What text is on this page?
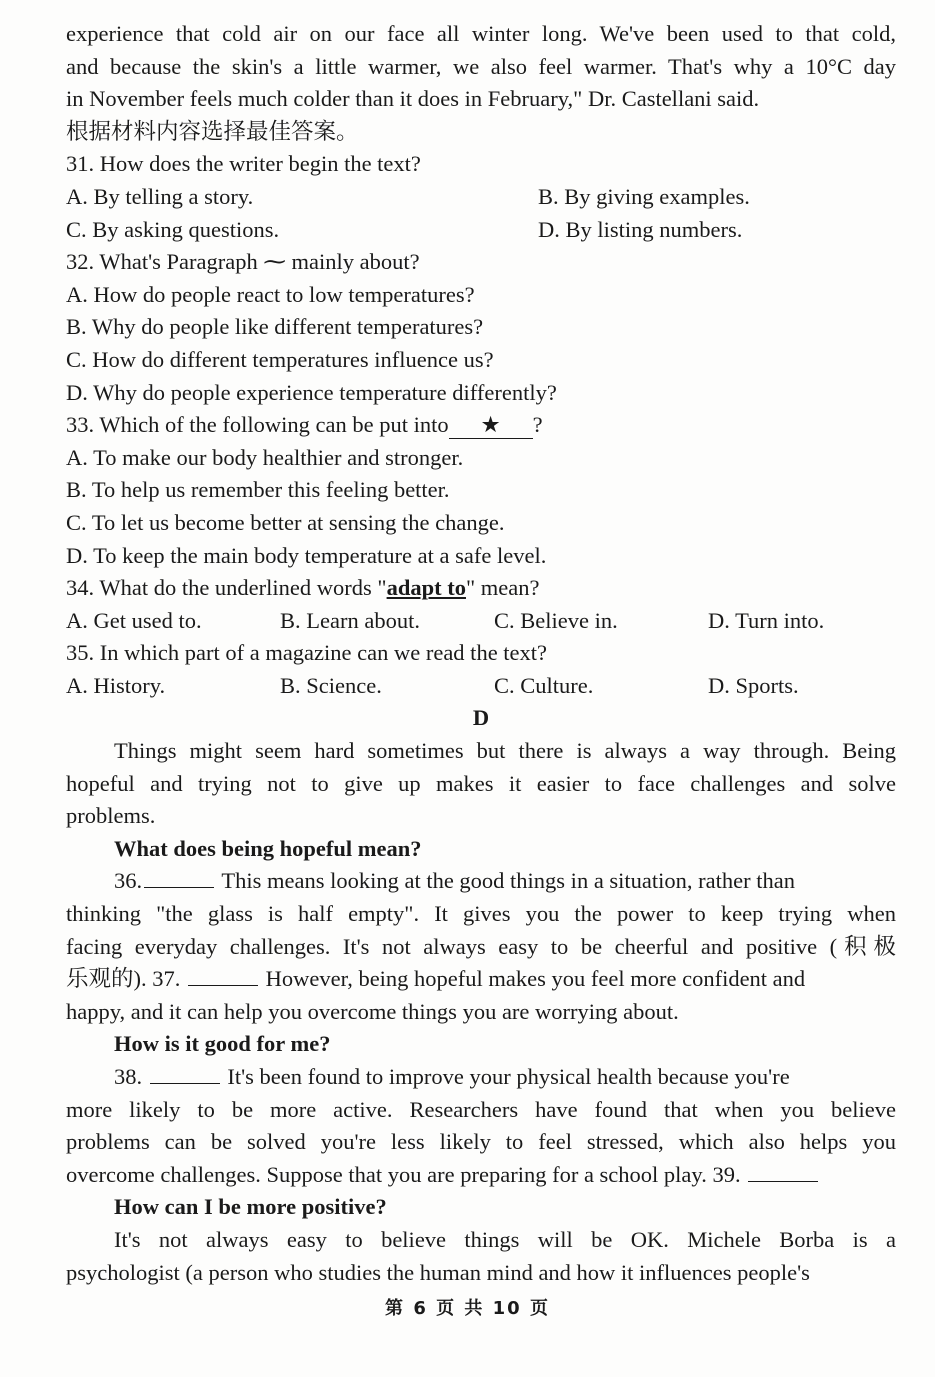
experience that cold air on our face all winter long. We've been used to that cold,
and because the skin's a little warmer, we also feel warmer. That's why a 10°C day
in November feels much colder than it does in February," Dr. Castellani said.
根据材料内容选择最佳答案。
31. How does the writer begin the text?
A. By telling a story.	B. By giving examples.
C. By asking questions.	D. By listing numbers.
32. What's Paragraph ⁓ mainly about?
A. How do people react to low temperatures?
B. Why do people like different temperatures?
C. How do different temperatures influence us?
D. Why do people experience temperature differently?
33. Which of the following can be put into ★ ?
A. To make our body healthier and stronger.
B. To help us remember this feeling better.
C. To let us become better at sensing the change.
D. To keep the main body temperature at a safe level.
34. What do the underlined words "adapt to" mean?
A. Get used to.	B. Learn about.	C. Believe in.	D. Turn into.
35. In which part of a magazine can we read the text?
A. History.	B. Science.	C. Culture.	D. Sports.
D
Things might seem hard sometimes but there is always a way through. Being
hopeful and trying not to give up makes it easier to face challenges and solve
problems.
What does being hopeful mean?
36.	This means looking at the good things in a situation, rather than
thinking "the glass is half empty". It gives you the power to keep trying when
facing everyday challenges. It's not always easy to be cheerful and positive (积极
乐观的). 37.	However, being hopeful makes you feel more confident and
happy, and it can help you overcome things you are worrying about.
How is it good for me?
38.	It's been found to improve your physical health because you're
more likely to be more active. Researchers have found that when you believe
problems can be solved you're less likely to feel stressed, which also helps you
overcome challenges. Suppose that you are preparing for a school play. 39.
How can I be more positive?
It's not always easy to believe things will be OK. Michele Borba is a
psychologist (a person who studies the human mind and how it influences people's
第 6 页 共 10 页
